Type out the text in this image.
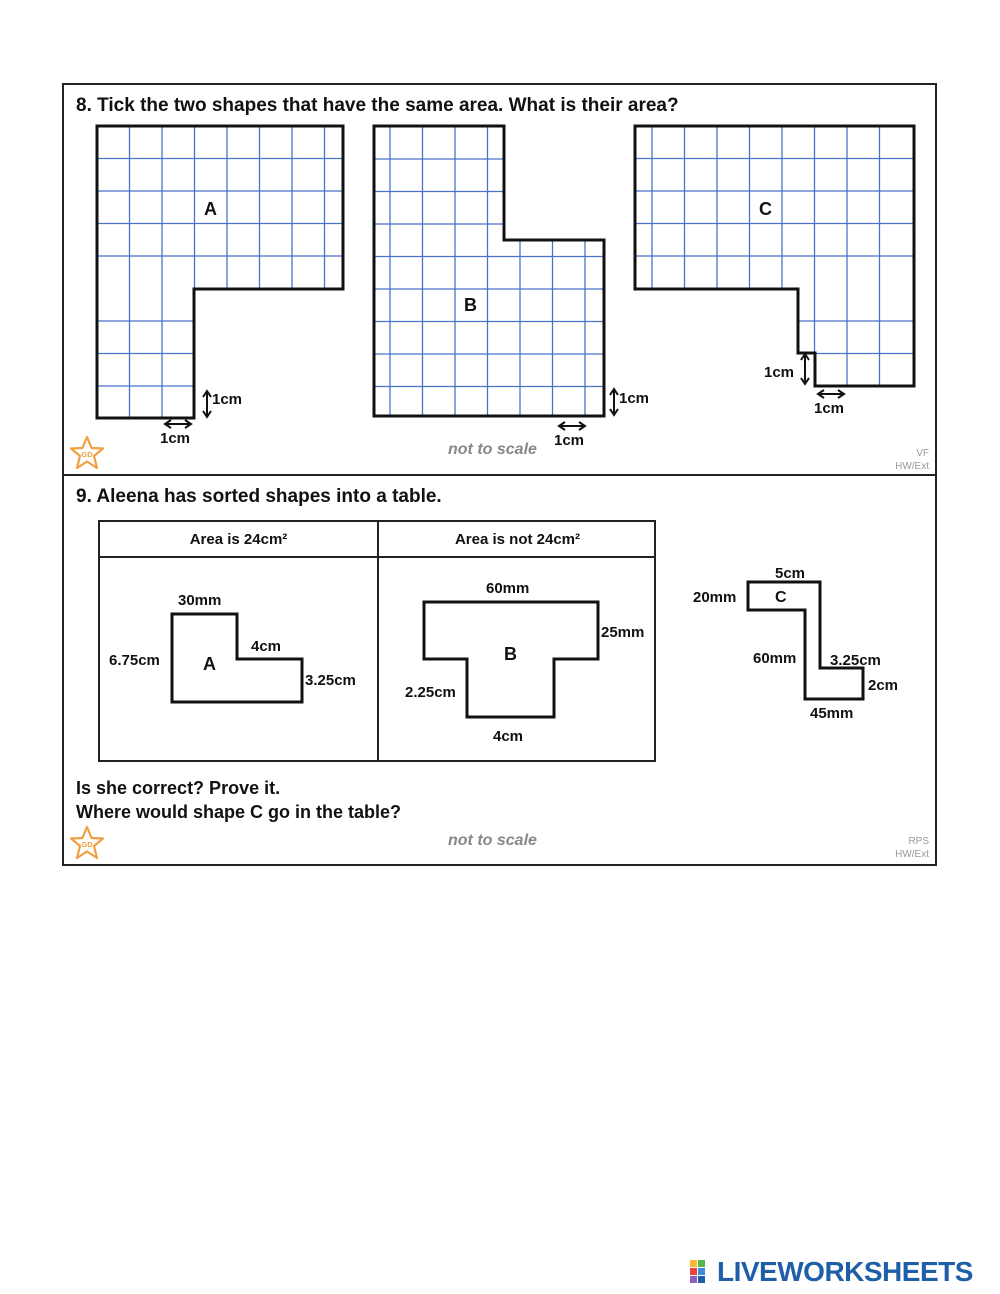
8. Tick the two shapes that have the same area. What is their area?
A
1cm
1cm
B
1cm
1cm
C
1cm
1cm
not to scale	VF
HW/Ext
GD
9. Aleena has sorted shapes into a table.
Area is 24cm²	Area is not 24cm²
30mm
6.75cm
4cm
3.25cm
A
60mm
25mm
2.25cm
4cm
B
5cm
20mm
60mm 3.25cm
2cm
45mm
C
Is she correct? Prove it.
Where would shape C go in the table?
not to scale	RPS
HW/Ext
GD
LIVEWORKSHEETS
